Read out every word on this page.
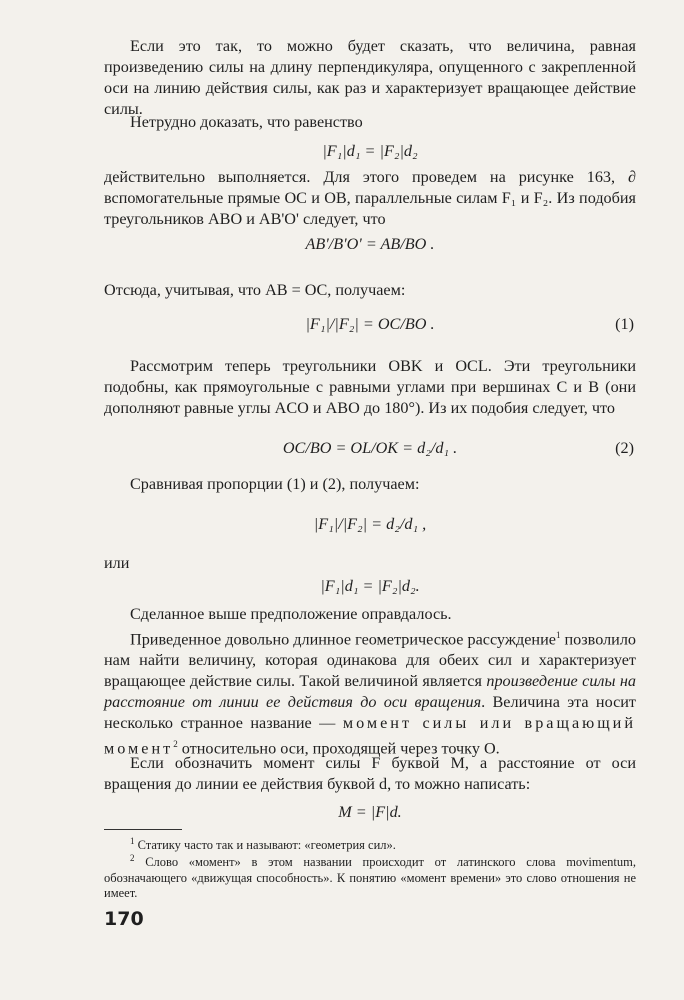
Если это так, то можно будет сказать, что величина, равная произведению силы на длину перпендикуляра, опущенного с закрепленной оси на линию действия силы, как раз и характеризует вращающее действие силы.

Нетрудно доказать, что равенство

|F₁|d₁ = |F₂|d₂

действительно выполняется. Для этого проведем на рисунке 163, ∂ вспомогательные прямые OC и OB, параллельные силам F₁ и F₂. Из подобия треугольников ABO и AB'O' следует, что

AB'/B'O' = AB/BO .

Отсюда, учитывая, что AB = OC, получаем:

|F₁|/|F₂| = OC/BO .	(1)

Рассмотрим теперь треугольники OBK и OCL. Эти треугольники подобны, как прямоугольные с равными углами при вершинах C и B (они дополняют равные углы ACO и ABO до 180°). Из их подобия следует, что

OC/BO = OL/OK = d₂/d₁ .	(2)

Сравнивая пропорции (1) и (2), получаем:

|F₁|/|F₂| = d₂/d₁ ,

или

|F₁|d₁ = |F₂|d₂.

Сделанное выше предположение оправдалось.

Приведенное довольно длинное геометрическое рассуждение$^1$ позволило нам найти величину, которая одинакова для обеих сил и характеризует вращающее действие силы. Такой величиной является произведение силы на расстояние от линии ее действия до оси вращения. Величина эта носит несколько странное название — момент силы или вращающий момент$^2$ относительно оси, проходящей через точку O.

Если обозначить момент силы F буквой M, а расстояние от оси вращения до линии ее действия буквой d, то можно написать:

M = |F|d.

$^1$ Статику часто так и называют: «геометрия сил».

$^2$ Слово «момент» в этом названии происходит от латинского слова movimentum, обозначающего «движущая способность». К понятию «момент времени» это слово отношения не имеет.

170
